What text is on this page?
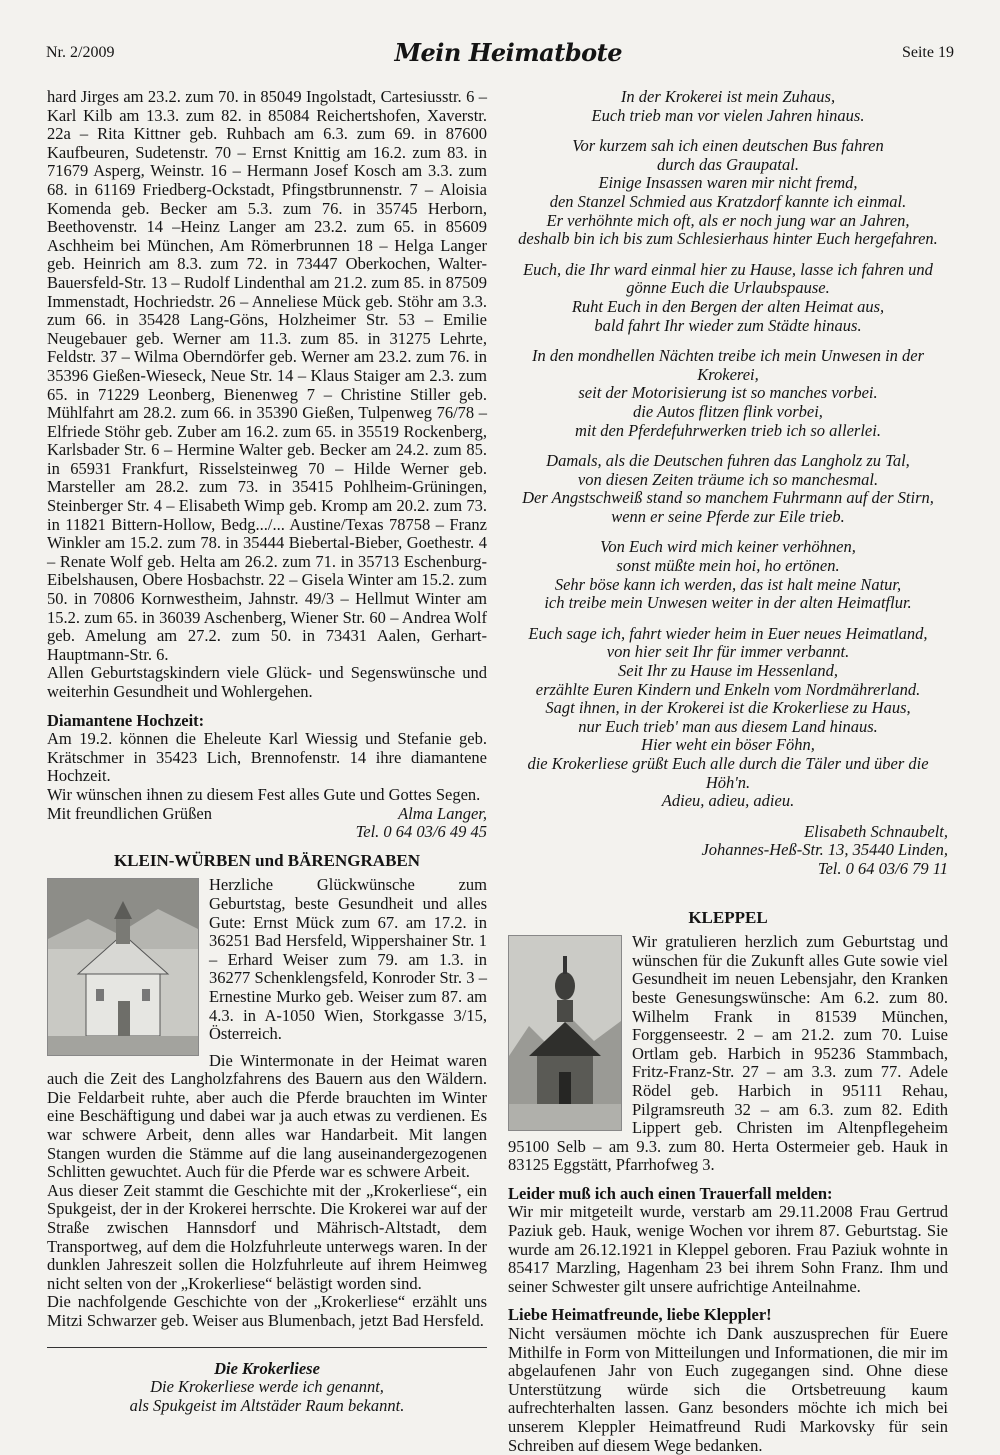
Nr. 2/2009	Mein Heimatbote	Seite 19

hard Jirges am 23.2. zum 70. in 85049 Ingolstadt, Cartesiusstr. 6 – Karl Kilb am 13.3. zum 82. in 85084 Reichertshofen, Xaverstr. 22a – Rita Kittner geb. Ruhbach am 6.3. zum 69. in 87600 Kaufbeuren, Sudetenstr. 70 – Ernst Knittig am 16.2. zum 83. in 71679 Asperg, Weinstr. 16 – Hermann Josef Kosch am 3.3. zum 68. in 61169 Friedberg-Ockstadt, Pfingstbrunnenstr. 7 – Aloisia Komenda geb. Becker am 5.3. zum 76. in 35745 Herborn, Beethovenstr. 14 –Heinz Langer am 23.2. zum 65. in 85609 Aschheim bei München, Am Römerbrunnen 18 – Helga Langer geb. Heinrich am 8.3. zum 72. in 73447 Oberkochen, Walter-Bauersfeld-Str. 13 – Rudolf Lindenthal am 21.2. zum 85. in 87509 Immenstadt, Hochriedstr. 26 – Anneliese Mück geb. Stöhr am 3.3. zum 66. in 35428 Lang-Göns, Holzheimer Str. 53 – Emilie Neugebauer geb. Werner am 11.3. zum 85. in 31275 Lehrte, Feldstr. 37 – Wilma Oberndörfer geb. Werner am 23.2. zum 76. in 35396 Gießen-Wieseck, Neue Str. 14 – Klaus Staiger am 2.3. zum 65. in 71229 Leonberg, Bienenweg 7 – Christine Stiller geb. Mühlfahrt am 28.2. zum 66. in 35390 Gießen, Tulpenweg 76/78 – Elfriede Stöhr geb. Zuber am 16.2. zum 65. in 35519 Rockenberg, Karlsbader Str. 6 – Hermine Walter geb. Becker am 24.2. zum 85. in 65931 Frankfurt, Risselsteinweg 70 – Hilde Werner geb. Marsteller am 28.2. zum 73. in 35415 Pohlheim-Grüningen, Steinberger Str. 4 – Elisabeth Wimp geb. Kromp am 20.2. zum 73. in 11821 Bittern-Hollow, Bedg.../... Austine/Texas 78758 – Franz Winkler am 15.2. zum 78. in 35444 Biebertal-Bieber, Goethestr. 4 – Renate Wolf geb. Helta am 26.2. zum 71. in 35713 Eschenburg-Eibelshausen, Obere Hosbachstr. 22 – Gisela Winter am 15.2. zum 50. in 70806 Kornwestheim, Jahnstr. 49/3 – Hellmut Winter am 15.2. zum 65. in 36039 Aschenberg, Wiener Str. 60 – Andrea Wolf geb. Amelung am 27.2. zum 50. in 73431 Aalen, Gerhart-Hauptmann-Str. 6.

Allen Geburtstagskindern viele Glück- und Segenswünsche und weiterhin Gesundheit und Wohlergehen.

Diamantene Hochzeit:

Am 19.2. können die Eheleute Karl Wiessig und Stefanie geb. Krätschmer in 35423 Lich, Brennofenstr. 14 ihre diamantene Hochzeit.

Wir wünschen ihnen zu diesem Fest alles Gute und Gottes Segen.

Mit freundlichen Grüßen	Alma Langer,

Tel. 0 64 03/6 49 45

KLEIN-WÜRBEN und BÄRENGRABEN

Herzliche Glückwünsche zum Geburtstag, beste Gesundheit und alles Gute: Ernst Mück zum 67. am 17.2. in 36251 Bad Hersfeld, Wippershainer Str. 1 – Erhard Weiser zum 79. am 1.3. in 36277 Schenklengsfeld, Konroder Str. 3 – Ernestine Murko geb. Weiser zum 87. am 4.3. in A-1050 Wien, Storkgasse 3/15, Österreich.

Die Wintermonate in der Heimat waren auch die Zeit des Langholzfahrens des Bauern aus den Wäldern. Die Feldarbeit ruhte, aber auch die Pferde brauchten im Winter eine Beschäftigung und dabei war ja auch etwas zu verdienen. Es war schwere Arbeit, denn alles war Handarbeit. Mit langen Stangen wurden die Stämme auf die lang auseinandergezogenen Schlitten gewuchtet. Auch für die Pferde war es schwere Arbeit.

Aus dieser Zeit stammt die Geschichte mit der „Krokerliese“, ein Spukgeist, der in der Krokerei herrschte. Die Krokerei war auf der Straße zwischen Hannsdorf und Mährisch-Altstadt, dem Transportweg, auf dem die Holzfuhrleute unterwegs waren. In der dunklen Jahreszeit sollen die Holzfuhrleute auf ihrem Heimweg nicht selten von der „Krokerliese“ belästigt worden sind.

Die nachfolgende Geschichte von der „Krokerliese“ erzählt uns Mitzi Schwarzer geb. Weiser aus Blumenbach, jetzt Bad Hersfeld.

Die Krokerliese

Die Krokerliese werde ich genannt,

als Spukgeist im Altstäder Raum bekannt.

In der Krokerei ist mein Zuhaus,

Euch trieb man vor vielen Jahren hinaus.

Vor kurzem sah ich einen deutschen Bus fahren

durch das Graupatal.

Einige Insassen waren mir nicht fremd,

den Stanzel Schmied aus Kratzdorf kannte ich einmal.

Er verhöhnte mich oft, als er noch jung war an Jahren,

deshalb bin ich bis zum Schlesierhaus hinter Euch hergefahren.

Euch, die Ihr ward einmal hier zu Hause, lasse ich fahren und

gönne Euch die Urlaubspause.

Ruht Euch in den Bergen der alten Heimat aus,

bald fahrt Ihr wieder zum Städte hinaus.

In den mondhellen Nächten treibe ich mein Unwesen in der Krokerei,

seit der Motorisierung ist so manches vorbei.

die Autos flitzen flink vorbei,

mit den Pferdefuhrwerken trieb ich so allerlei.

Damals, als die Deutschen fuhren das Langholz zu Tal,

von diesen Zeiten träume ich so manchesmal.

Der Angstschweiß stand so manchem Fuhrmann auf der Stirn,

wenn er seine Pferde zur Eile trieb.

Von Euch wird mich keiner verhöhnen,

sonst müßte mein hoi, ho ertönen.

Sehr böse kann ich werden, das ist halt meine Natur,

ich treibe mein Unwesen weiter in der alten Heimatflur.

Euch sage ich, fahrt wieder heim in Euer neues Heimatland,

von hier seit Ihr für immer verbannt.

Seit Ihr zu Hause im Hessenland,

erzählte Euren Kindern und Enkeln vom Nordmährerland.

Sagt ihnen, in der Krokerei ist die Krokerliese zu Haus,

nur Euch trieb' man aus diesem Land hinaus.

Hier weht ein böser Föhn,

die Krokerliese grüßt Euch alle durch die Täler und über die Höh'n.

Adieu, adieu, adieu.

Elisabeth Schnaubelt,

Johannes-Heß-Str. 13, 35440 Linden,

Tel. 0 64 03/6 79 11

KLEPPEL

Wir gratulieren herzlich zum Geburtstag und wünschen für die Zukunft alles Gute sowie viel Gesundheit im neuen Lebensjahr, den Kranken beste Genesungswünsche: Am 6.2. zum 80. Wilhelm Frank in 81539 München, Forggenseestr. 2 – am 21.2. zum 70. Luise Ortlam geb. Harbich in 95236 Stammbach, Fritz-Franz-Str. 27 – am 3.3. zum 77. Adele Rödel geb. Harbich in 95111 Rehau, Pilgramsreuth 32 – am 6.3. zum 82. Edith Lippert geb. Christen im Altenpflegeheim 95100 Selb – am 9.3. zum 80. Herta Ostermeier geb. Hauk in 83125 Eggstätt, Pfarrhofweg 3.

Leider muß ich auch einen Trauerfall melden:

Wir mir mitgeteilt wurde, verstarb am 29.11.2008 Frau Gertrud Paziuk geb. Hauk, wenige Wochen vor ihrem 87. Geburtstag. Sie wurde am 26.12.1921 in Kleppel geboren. Frau Paziuk wohnte in 85417 Marzling, Hagenham 23 bei ihrem Sohn Franz. Ihm und seiner Schwester gilt unsere aufrichtige Anteilnahme.

Liebe Heimatfreunde, liebe Kleppler!

Nicht versäumen möchte ich Dank auszusprechen für Euere Mithilfe in Form von Mitteilungen und Informationen, die mir im abgelaufenen Jahr von Euch zugegangen sind. Ohne diese Unterstützung würde sich die Ortsbetreuung kaum aufrechterhalten lassen. Ganz besonders möchte ich mich bei unserem Kleppler Heimatfreund Rudi Markovsky für sein Schreiben auf diesem Wege bedanken.
